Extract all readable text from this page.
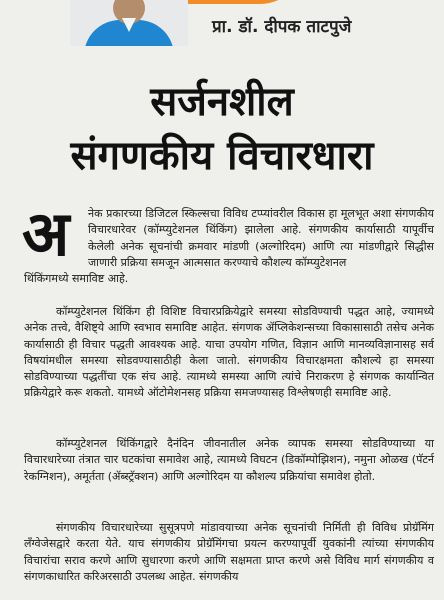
प्रा. डॉ. दीपक ताटपुजे
सर्जनशील
संगणकीय विचारधारा
अ नेक प्रकारच्या डिजिटल स्किल्सचा विविध टप्प्यांवरील विकास हा मूलभूत अशा संगणकीय विचारधारेवर (कॉम्प्युटेशनल थिंकिंग) झालेला आहे. संगणकीय कार्यासाठी यापूर्वीच केलेली अनेक सूचनांची क्रमवार मांडणी (अल्गोरिदम) आणि त्या मांडणीद्वारे सिद्धीस जाणारी प्रक्रिया समजून आत्मसात करण्याचे कौशल्य कॉम्प्युटेशनल
थिंकिंगमध्ये समाविष्ट आहे.
कॉम्प्युटेशनल थिंकिंग ही विशिष्ट विचारप्रक्रियेद्वारे समस्या सोडविण्याची पद्धत आहे, ज्यामध्ये अनेक तत्त्वे, वैशिष्ट्ये आणि स्वभाव समाविष्ट आहेत. संगणक ॲप्लिकेशन्सच्या विकासासाठी तसेच अनेक कार्यासाठी ही विचार पद्धती आवश्यक आहे. याचा उपयोग गणित, विज्ञान आणि मानव्यविज्ञानासह सर्व विषयांमधील समस्या सोडवण्यासाठीही केला जातो. संगणकीय विचारक्षमता कौशल्ये हा समस्या सोडविण्याच्या पद्धतींचा एक संच आहे. त्यामध्ये समस्या आणि त्यांचे निराकरण हे संगणक कार्यान्वित प्रक्रियेद्वारे करू शकतो. यामध्ये ऑटोमेशनसह प्रक्रिया समजण्यासह विश्लेषणही समाविष्ट आहे.
कॉम्प्युटेशनल थिंकिंगद्वारे दैनंदिन जीवनातील अनेक व्यापक समस्या सोडविण्याच्या या विचारधारेच्या तंत्रात चार घटकांचा समावेश आहे, त्यामध्ये विघटन (डिकॉम्पोझिशन), नमुना ओळख (पॅटर्न रेकग्निशन), अमूर्तता (ॲब्स्ट्रॅक्शन) आणि अल्गोरिदम या कौशल्य प्रक्रियांचा समावेश होतो.
संगणकीय विचारधारेच्या सुसूत्रपणे मांडावयाच्या अनेक सूचनांची निर्मिती ही विविध प्रोग्रॅमिंग लँग्वेजेसद्वारे करता येते. याच संगणकीय प्रोग्रॅमिंगचा प्रयत्न करण्यापूर्वी युवकांनी त्यांच्या संगणकीय विचारांचा सराव करणे आणि सुधारणा करणे आणि सक्षमता प्राप्त करणे असे विविध मार्ग संगणकीय व संगणकाधारित करिअरसाठी उपलब्ध आहेत. संगणकीय
